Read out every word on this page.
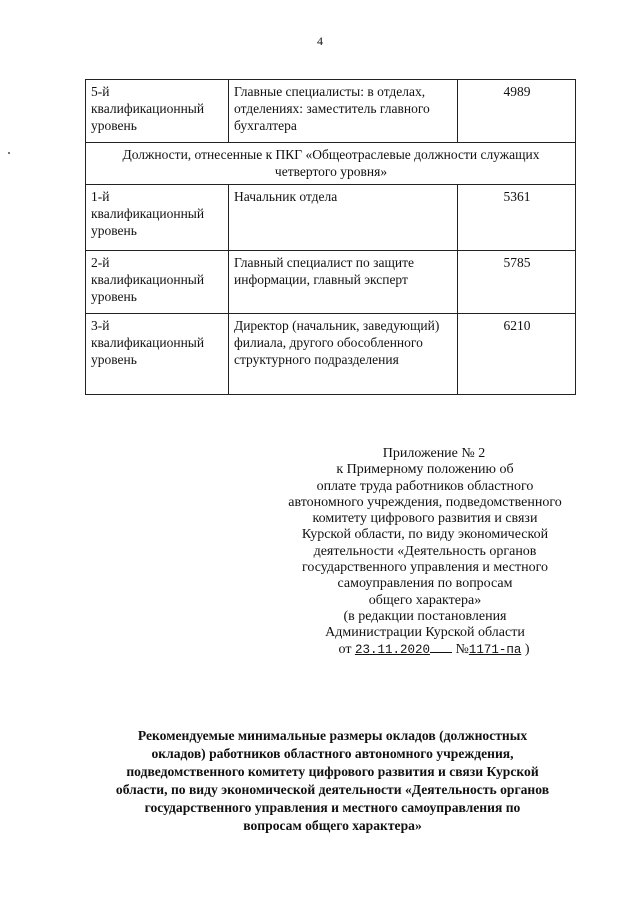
4
5-й квалификационный уровень	Главные специалисты: в отделах, отделениях: заместитель главного бухгалтера	4989
Должности, отнесенные к ПКГ «Общеотраслевые должности служащих четвертого уровня»		
1-й квалификационный уровень	Начальник отдела	5361
2-й квалификационный уровень	Главный специалист по защите информации, главный эксперт	5785
3-й квалификационный уровень	Директор (начальник, заведующий) филиала, другого обособленного структурного подразделения	6210
Приложение № 2
к Примерному положению об
оплате труда работников областного
автономного учреждения, подведомственного
комитету цифрового развития и связи
Курской области, по виду экономической
деятельности «Деятельность органов
государственного управления и местного
самоуправления по вопросам
общего характера»
(в редакции постановления
Администрации Курской области
от 23.11.2020 №1171-па )
Рекомендуемые минимальные размеры окладов (должностных
окладов) работников областного автономного учреждения,
подведомственного комитету цифрового развития и связи Курской
области, по виду экономической деятельности «Деятельность органов
государственного управления и местного самоуправления по
вопросам общего характера»
